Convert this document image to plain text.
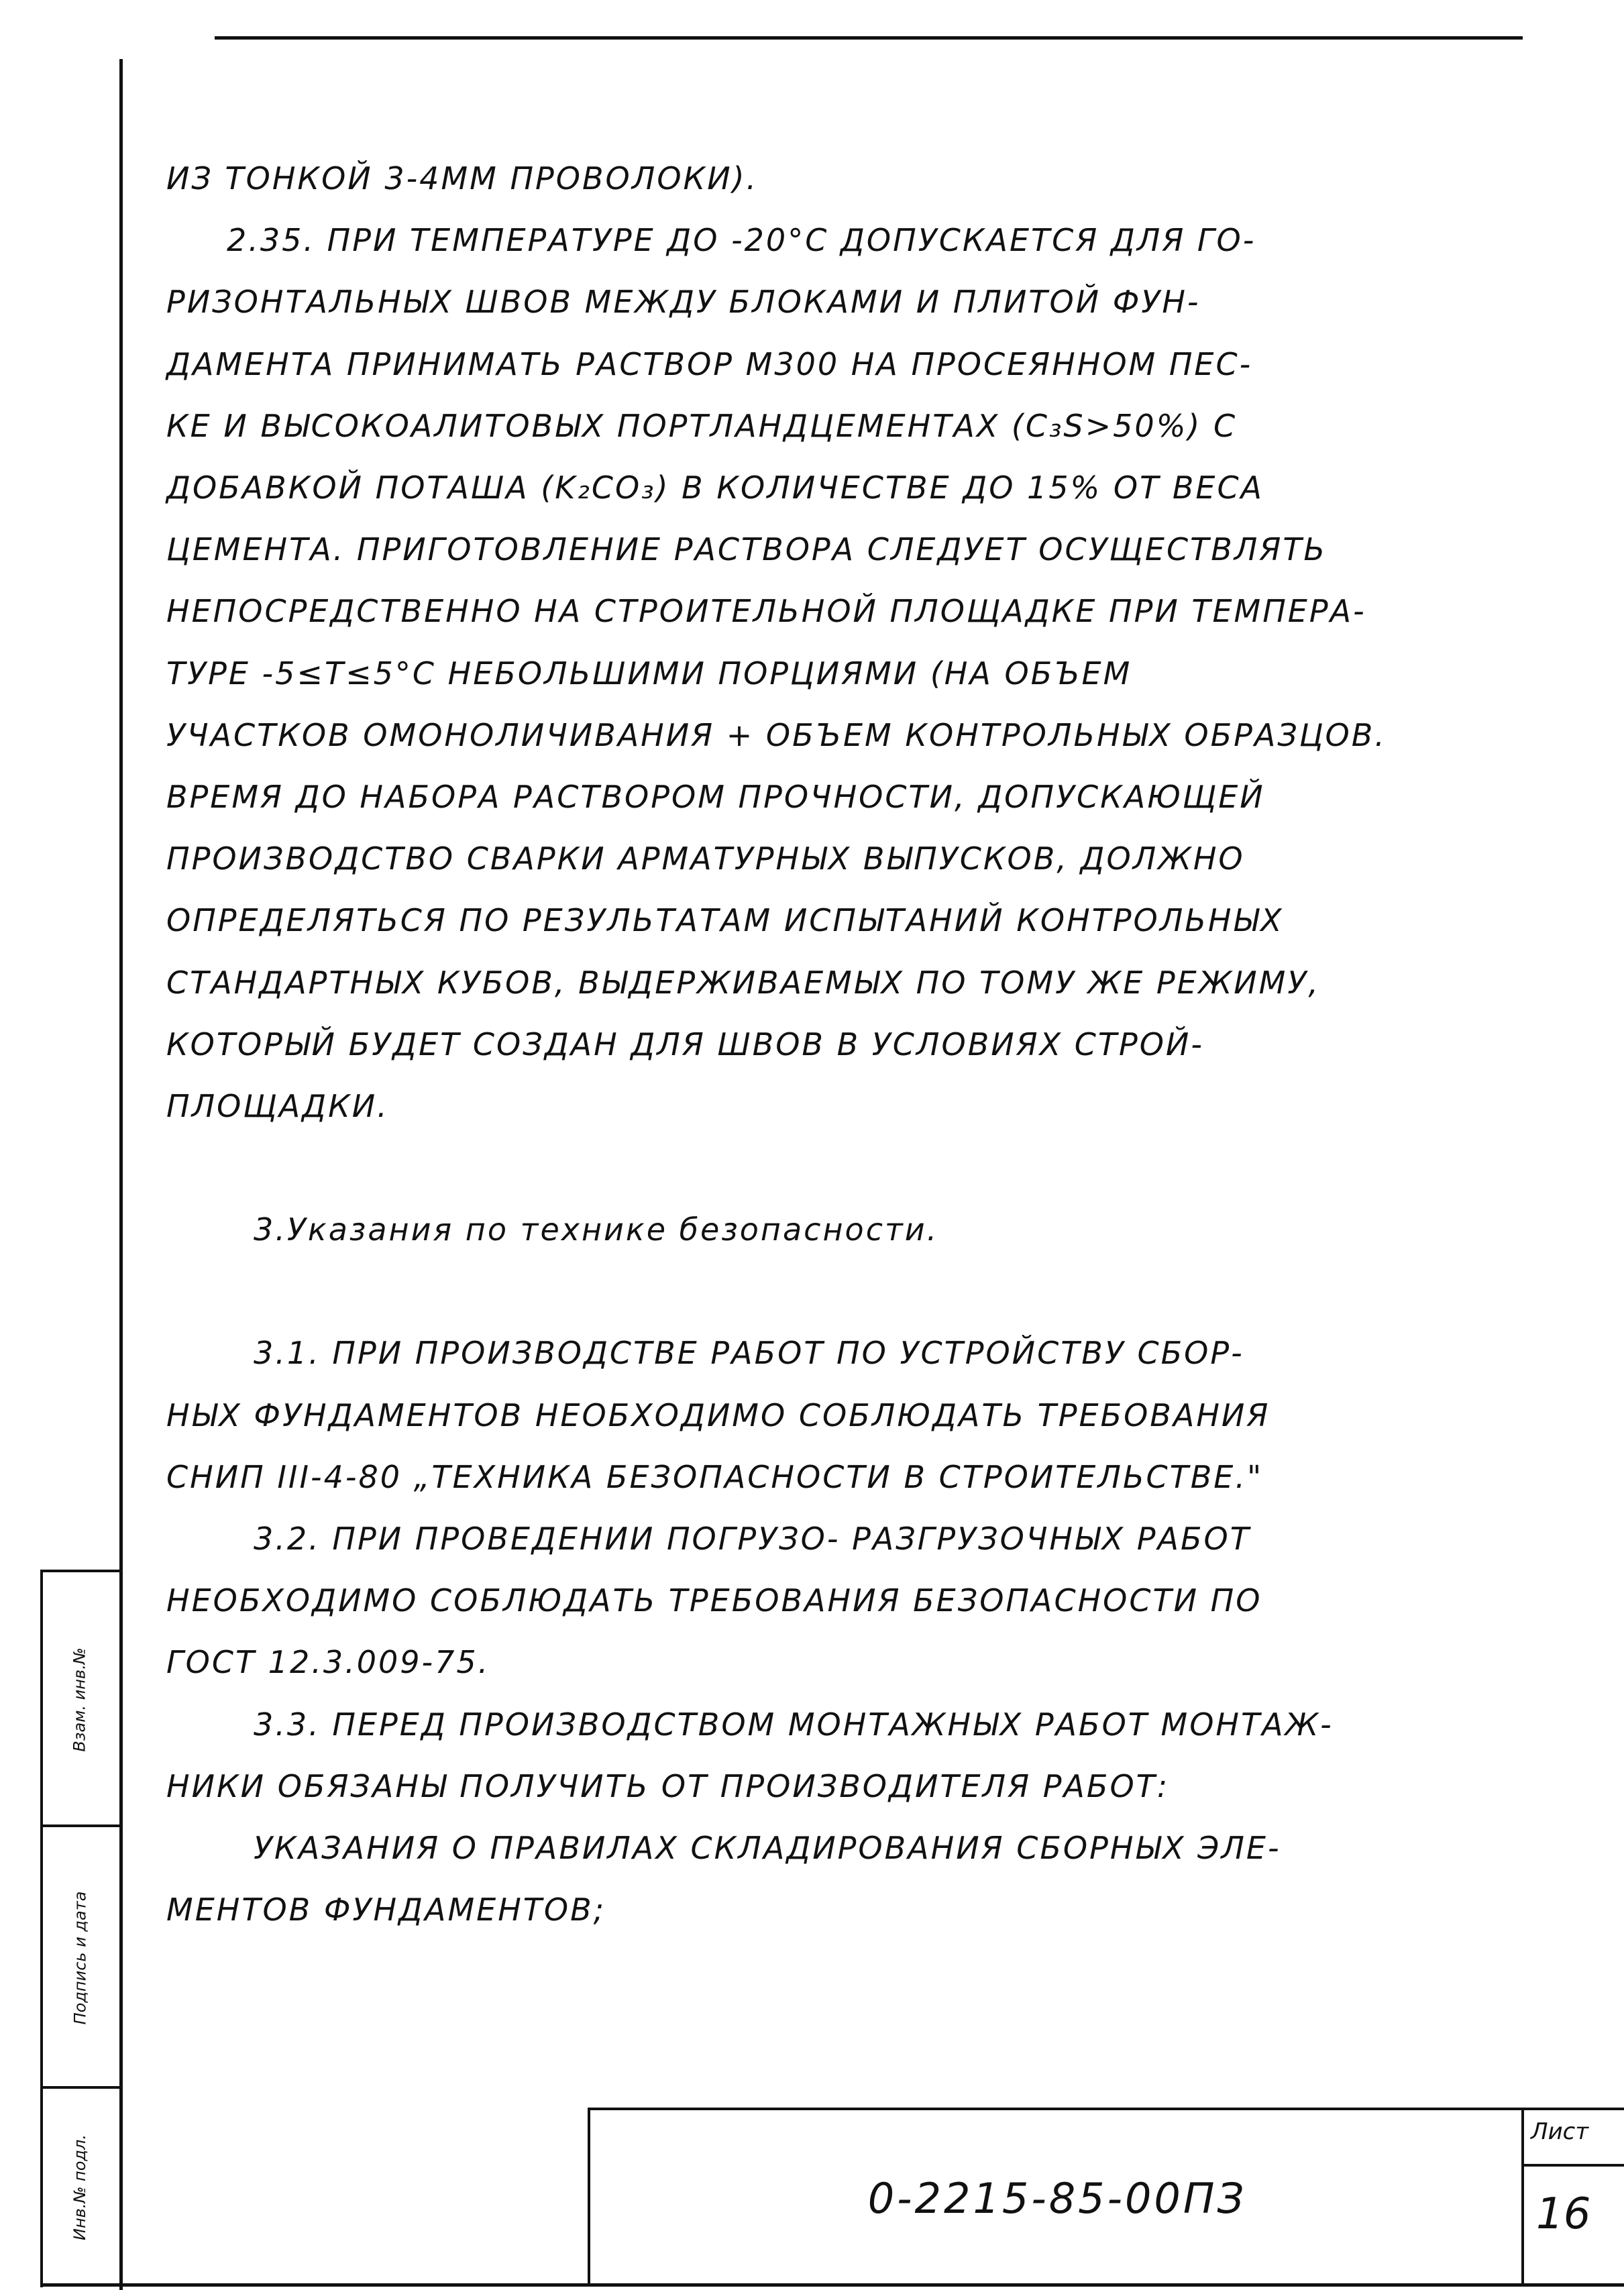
ИЗ ТОНКОЙ 3-4ММ ПРОВОЛОКИ).

2.35. ПРИ ТЕМПЕРАТУРЕ ДО -20°С ДОПУСКАЕТСЯ ДЛЯ ГО-

РИЗОНТАЛЬНЫХ ШВОВ МЕЖДУ БЛОКАМИ И ПЛИТОЙ ФУН-

ДАМЕНТА ПРИНИМАТЬ РАСТВОР М300 НА ПРОСЕЯННОМ ПЕС-

КЕ И ВЫСОКОАЛИТОВЫХ ПОРТЛАНДЦЕМЕНТАХ (С₃S>50%) С

ДОБАВКОЙ ПОТАША (K₂CO₃) В КОЛИЧЕСТВЕ ДО 15% ОТ ВЕСА

ЦЕМЕНТА. ПРИГОТОВЛЕНИЕ РАСТВОРА СЛЕДУЕТ ОСУЩЕСТВЛЯТЬ

НЕПОСРЕДСТВЕННО НА СТРОИТЕЛЬНОЙ ПЛОЩАДКЕ ПРИ ТЕМПЕРА-

ТУРЕ -5≤T≤5°С НЕБОЛЬШИМИ ПОРЦИЯМИ (НА ОБЪЕМ

УЧАСТКОВ ОМОНОЛИЧИВАНИЯ + ОБЪЕМ КОНТРОЛЬНЫХ ОБРАЗЦОВ.

ВРЕМЯ ДО НАБОРА РАСТВОРОМ ПРОЧНОСТИ, ДОПУСКАЮЩЕЙ

ПРОИЗВОДСТВО СВАРКИ АРМАТУРНЫХ ВЫПУСКОВ, ДОЛЖНО

ОПРЕДЕЛЯТЬСЯ ПО РЕЗУЛЬТАТАМ ИСПЫТАНИЙ КОНТРОЛЬНЫХ

СТАНДАРТНЫХ КУБОВ, ВЫДЕРЖИВАЕМЫХ ПО ТОМУ ЖЕ РЕЖИМУ,

КОТОРЫЙ БУДЕТ СОЗДАН ДЛЯ ШВОВ В УСЛОВИЯХ СТРОЙ-

ПЛОЩАДКИ.

3.Указания по технике безопасности.

3.1. ПРИ ПРОИЗВОДСТВЕ РАБОТ ПО УСТРОЙСТВУ СБОР-

НЫХ ФУНДАМЕНТОВ НЕОБХОДИМО СОБЛЮДАТЬ ТРЕБОВАНИЯ

СНИП III-4-80 „ТЕХНИКА БЕЗОПАСНОСТИ В СТРОИТЕЛЬСТВЕ."

3.2. ПРИ ПРОВЕДЕНИИ ПОГРУЗО- РАЗГРУЗОЧНЫХ РАБОТ

НЕОБХОДИМО СОБЛЮДАТЬ ТРЕБОВАНИЯ БЕЗОПАСНОСТИ ПО

ГОСТ 12.3.009-75.

3.3. ПЕРЕД ПРОИЗВОДСТВОМ МОНТАЖНЫХ РАБОТ МОНТАЖ-

НИКИ ОБЯЗАНЫ ПОЛУЧИТЬ ОТ ПРОИЗВОДИТЕЛЯ РАБОТ:

УКАЗАНИЯ О ПРАВИЛАХ СКЛАДИРОВАНИЯ СБОРНЫХ ЭЛЕ-

МЕНТОВ ФУНДАМЕНТОВ;

Взам. инв.№
Подпись и дата
Инв.№ подл.	0-2215-85-00ПЗ
Лист
16
